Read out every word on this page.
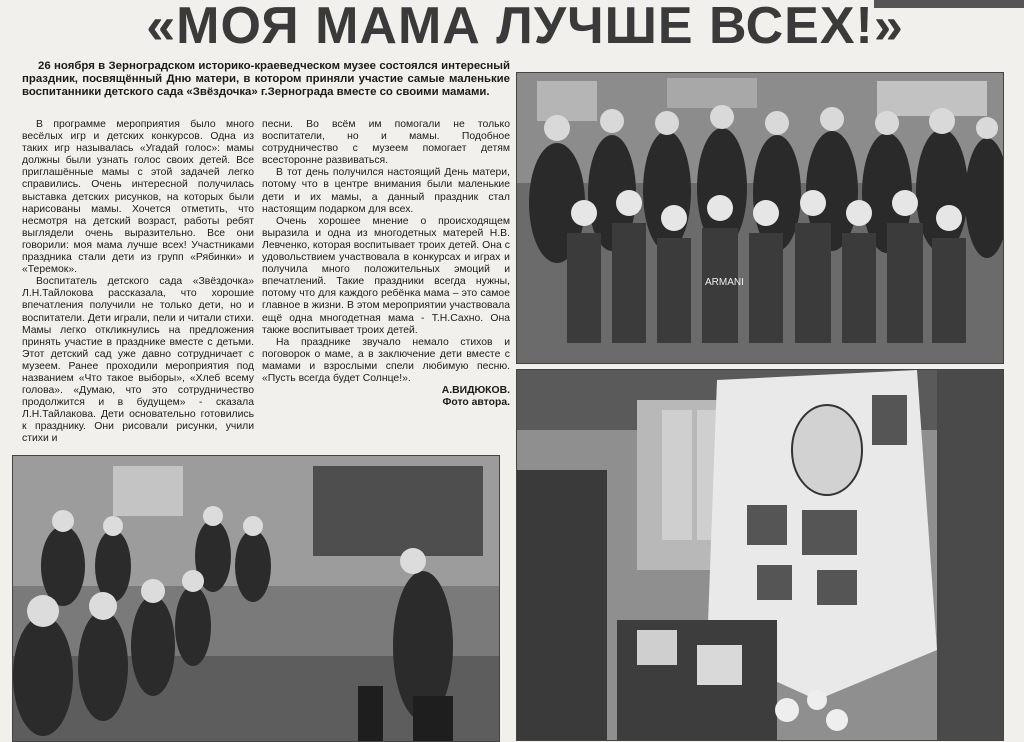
«МОЯ МАМА ЛУЧШЕ ВСЕХ!»

26 ноября в Зерноградском историко-краеведческом музее состоялся интересный праздник, посвящённый Дню матери, в котором приняли участие самые маленькие воспитанники детского сада «Звёздочка» г.Зернограда вместе со своими мамами.

В программе мероприятия было много весёлых игр и детских конкурсов. Одна из таких игр называлась «Угадай голос»: мамы должны были узнать голос своих детей. Все приглашённые мамы с этой задачей легко справились. Очень интересной получилась выставка детских рисунков, на которых были нарисованы мамы. Хочется отметить, что несмотря на детский возраст, работы ребят выглядели очень выразительно. Все они говорили: моя мама лучше всех! Участниками праздника стали дети из групп «Рябинки» и «Теремок».

Воспитатель детского сада «Звёздочка» Л.Н.Тайлокова рассказала, что хорошие впечатления получили не только дети, но и воспитатели. Дети играли, пели и читали стихи. Мамы легко откликнулись на предложения принять участие в празднике вместе с детьми. Этот детский сад уже давно сотрудничает с музеем. Ранее проходили мероприятия под названием «Что такое выборы», «Хлеб всему голова». «Думаю, что это сотрудничество продолжится и в будущем» - сказала Л.Н.Тайлакова. Дети основательно готовились к празднику. Они рисовали рисунки, учили стихи и

песни. Во всём им помогали не только воспитатели, но и мамы. Подобное сотрудничество с музеем помогает детям всесторонне развиваться.

В тот день получился настоящий День матери, потому что в центре внимания были маленькие дети и их мамы, а данный праздник стал настоящим подарком для всех.

Очень хорошее мнение о происходящем выразила и одна из многодетных матерей Н.В. Левченко, которая воспитывает троих детей. Она с удовольствием участвовала в конкурсах и играх и получила много положительных эмоций и впечатлений. Такие праздники всегда нужны, потому что для каждого ребёнка мама – это самое главное в жизни. В этом мероприятии участвовала ещё одна многодетная мама - Т.Н.Сахно. Она также воспитывает троих детей.

На празднике звучало немало стихов и поговорок о маме, а в заключение дети вместе с мамами и взрослыми спели любимую песню. «Пусть всегда будет Солнце!».

А.ВИДЮКОВ.

Фото автора.

ARMANI
